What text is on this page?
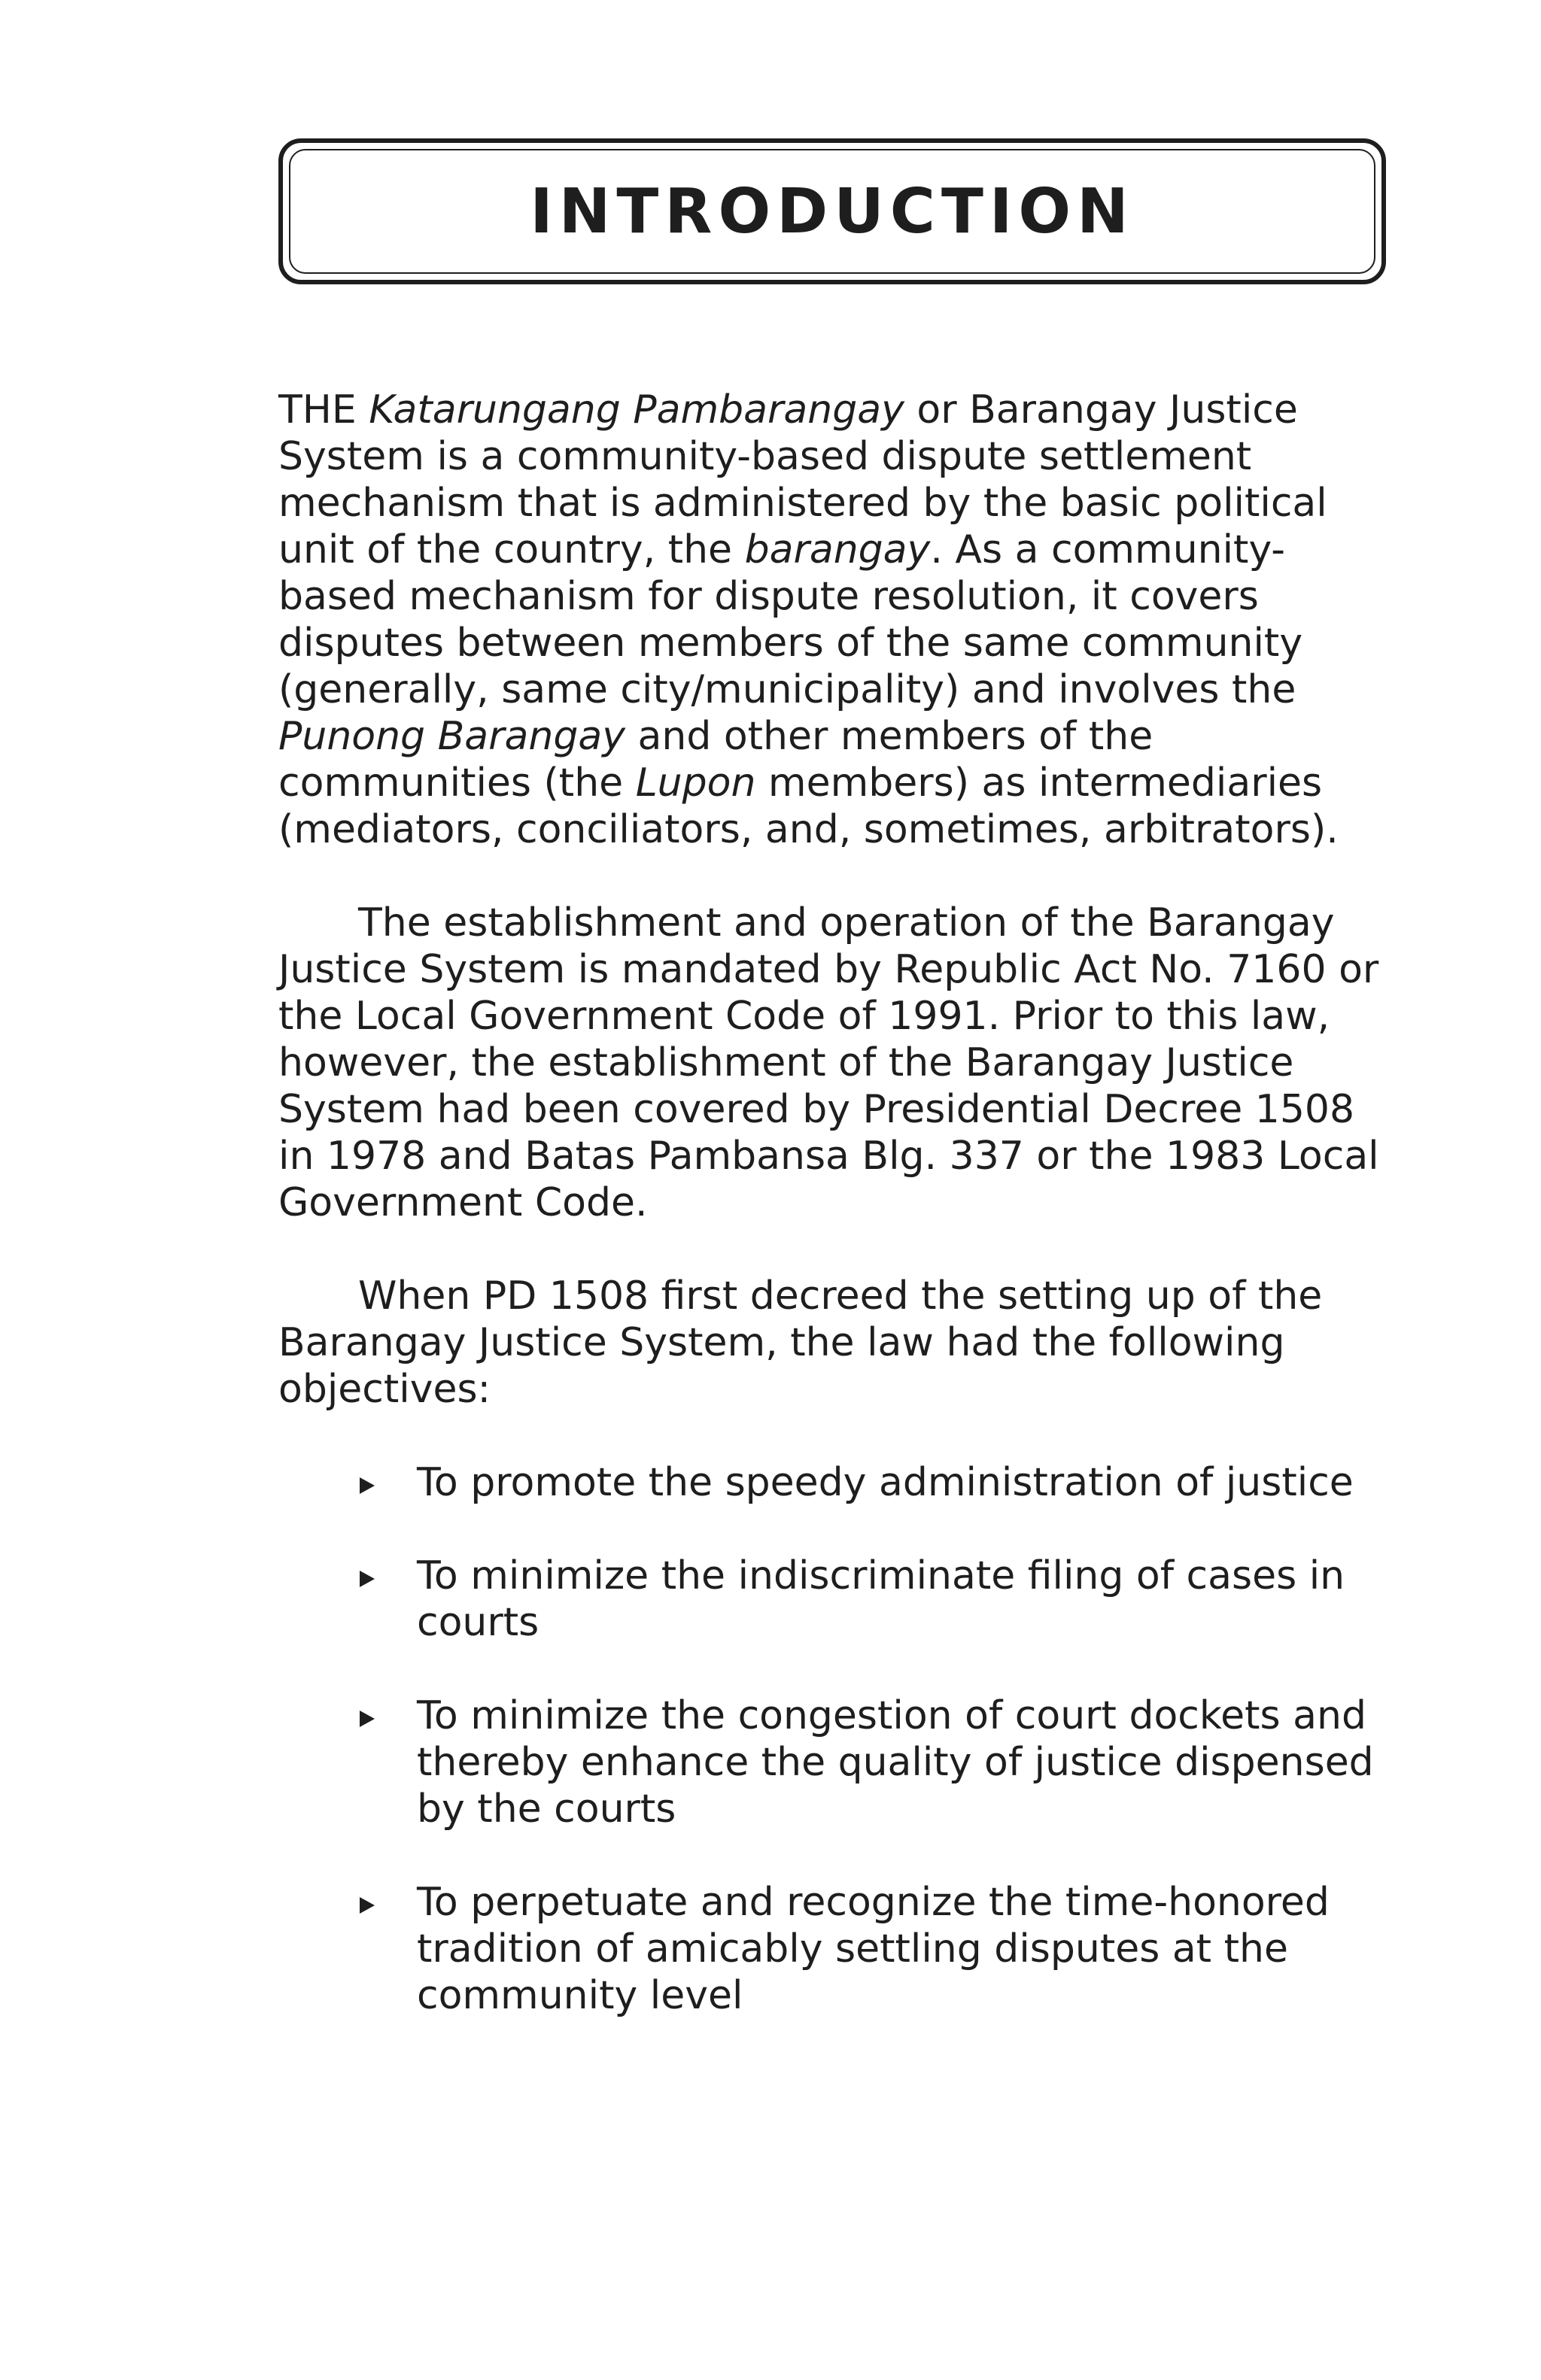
INTRODUCTION

THE Katarungang Pambarangay or Barangay Justice System is a community-based dispute settlement mechanism that is administered by the basic political unit of the country, the barangay. As a community-based mechanism for dispute resolution, it covers disputes between members of the same community (generally, same city/municipality) and involves the Punong Barangay and other members of the communities (the Lupon members) as intermediaries (mediators, conciliators, and, sometimes, arbitrators).

The establishment and operation of the Barangay Justice System is mandated by Republic Act No. 7160 or the Local Government Code of 1991. Prior to this law, however, the establishment of the Barangay Justice System had been covered by Presidential Decree 1508 in 1978 and Batas Pambansa Blg. 337 or the 1983 Local Government Code.

When PD 1508 first decreed the setting up of the Barangay Justice System, the law had the following objectives:

To promote the speedy administration of justice
To minimize the indiscriminate filing of cases in courts
To minimize the congestion of court dockets and thereby enhance the quality of justice dispensed by the courts
To perpetuate and recognize the time-honored tradition of amicably settling disputes at the community level
